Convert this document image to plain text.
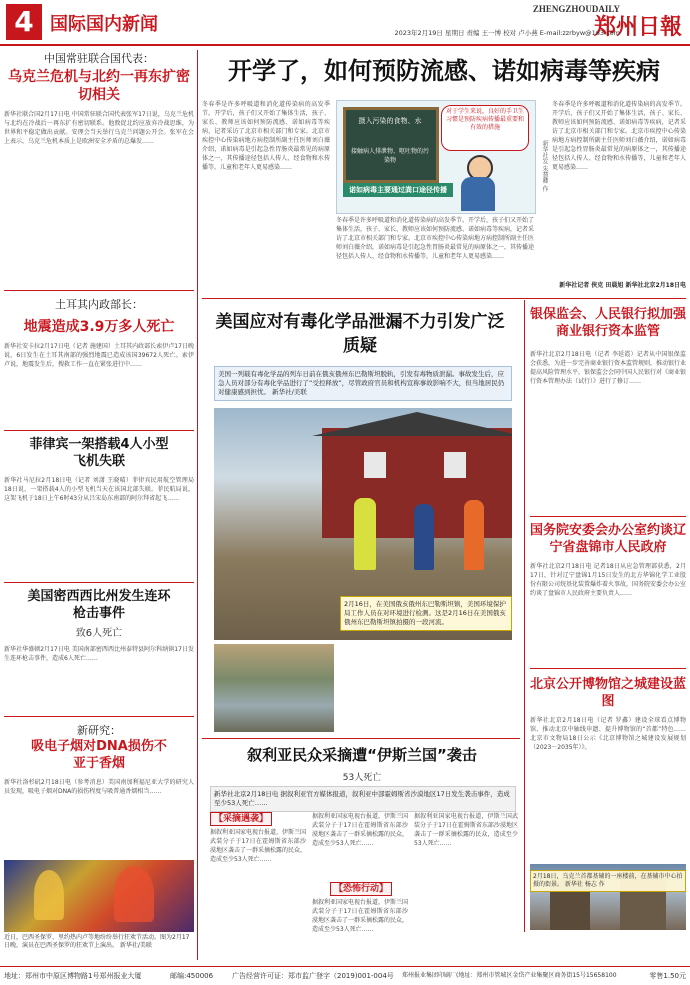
4 国际国内新闻
ZHENGZHOUDAILY
郑州日報
2023年2月19日 星期日 责编 王一博 校对 卢小燕 E-mail:zzrbyw@163.com
中国常驻联合国代表：
乌克兰危机与北约一再东扩密切相关
新华社联合国2月17日电 中国常驻联合国代表张军17日说，乌克兰危机与北约在冷战后一再东扩有密切联系。他敦促北约应放弃冷战思维，为世界和平稳定做出贡献。安理会当天举行乌克兰问题公开会。张军在会上表示，乌克兰危机本质上是欧洲安全矛盾的总爆发……
土耳其内政部长：
地震造成3.9万多人死亡
新华社安卡拉2月17日电（记者 施建国）土耳其内政部长索伊卢17日晚说，6日发生在土耳其南部的强烈地震已造成该国39672人死亡。索伊卢说，地震发生后，搜救工作一直在紧张进行中……
菲律宾一架搭载4人小型飞机失联
新华社马尼拉2月18日电（记者 刘潇 王晓晴）菲律宾民用航空管理局18日说，一架搭载4人的小型飞机当天在该国北部失联。菲民航局说，这架飞机于18日上午6时43分从吕宋岛东南部的阿尔拜省起飞……
美国密西西比州发生连环枪击事件
致6人死亡
新华社华盛顿2月17日电 美国南部密西西比州泰特县阿尔科纳镇17日发生连环枪击事件，造成6人死亡……
新研究：
吸电子烟对DNA损伤不亚于香烟
新华社洛杉矶2月18日电（参考消息）美国南加利福尼亚大学的研究人员发现，吸电子烟对DNA的损伤程度与吸普通香烟相当……
近日，巴西圣保罗、里约热内卢等地纷纷举行狂欢节活动。图为2月17日晚，演员在巴西圣保罗的狂欢节上演出。 新华社/美联
开学了，如何预防流感、诺如病毒等疾病
冬春季是许多呼吸道和消化道传染病的高发季节。开学后，孩子们又开始了集体生活，孩子、家长、教师应该如何预防流感、诺如病毒等疾病，记者采访了北京市相关部门和专家。北京市疾控中心传染病地方病控制所副主任医师刘白薇介绍，诺如病毒是引起急性胃肠炎最常见的病原体之一，其传播途径包括人传人、经食物和水传播等，儿童和老年人更易感染……
摄入污染的食物、水
接触病人排泄物、呕吐物的污染物
对于学生来说，良好的手卫生习惯是预防疾病传播最重要和有效的措施
诺如病毒主要通过粪口途径传播	新华社发 朱慧卿 作
冬春季是许多呼吸道和消化道传染病的高发季节。开学后，孩子们又开始了集体生活，孩子、家长、教师应该如何预防流感、诺如病毒等疾病，记者采访了北京市相关部门和专家。北京市疾控中心传染病地方病控制所副主任医师刘白薇介绍，诺如病毒是引起急性胃肠炎最常见的病原体之一，其传播途径包括人传人、经食物和水传播等，儿童和老年人更易感染……
冬春季是许多呼吸道和消化道传染病的高发季节。开学后，孩子们又开始了集体生活，孩子、家长、教师应该如何预防流感、诺如病毒等疾病，记者采访了北京市相关部门和专家。北京市疾控中心传染病地方病控制所副主任医师刘白薇介绍，诺如病毒是引起急性胃肠炎最常见的病原体之一，其传播途径包括人传人、经食物和水传播等，儿童和老年人更易感染……
新华社记者 侠克 田晨旭 新华社北京2月18日电
美国应对有毒化学品泄漏不力引发广泛质疑
美国一列载有毒化学品的列车日前在俄亥俄州东巴勒斯坦脱轨，引发有毒物质泄漏。事故发生后，应急人员对部分有毒化学品进行了“受控释放”，尽管政府官员和机构宣称事故影响不大，但当地居民仍对健康感到担忧。 新华社/美联
2月16日，在美国俄亥俄州东巴勒斯坦镇，美国环境保护局工作人员在对环境进行检测。这是2月16日在美国俄亥俄州东巴勒斯坦镇拍摄的一段河流。
叙利亚民众采摘遭“伊斯兰国”袭击
53人死亡
新华社北京2月18日电 据叙利亚官方媒体报道，叙利亚中部霍姆斯省沙漠地区17日发生袭击事件，造成至少53人死亡……
【采摘遇袭】
据叙利亚国家电视台报道，伊斯兰国武装分子于17日在霍姆斯省东部沙漠地区袭击了一群采摘松露的民众，造成至少53人死亡……
据叙利亚国家电视台报道，伊斯兰国武装分子于17日在霍姆斯省东部沙漠地区袭击了一群采摘松露的民众，造成至少53人死亡……
【恐怖行动】
据叙利亚国家电视台报道，伊斯兰国武装分子于17日在霍姆斯省东部沙漠地区袭击了一群采摘松露的民众，造成至少53人死亡……
据叙利亚国家电视台报道，伊斯兰国武装分子于17日在霍姆斯省东部沙漠地区袭击了一群采摘松露的民众，造成至少53人死亡……
银保监会、人民银行拟加强商业银行资本监管
新华社北京2月18日电（记者 李延霞）记者从中国银保监会获悉，为进一步完善商业银行资本监管规则，推动银行业提高风险管理水平，银保监会会同中国人民银行对《商业银行资本管理办法（试行）》进行了修订……
国务院安委会办公室约谈辽宁省盘锦市人民政府
新华社北京2月18日电 记者18日从应急管理部获悉，2月17日，针对辽宁盘锦1月15日发生的北方华锦化学工业股份有限公司烷基化装置爆炸着火事故，国务院安委会办公室约谈了盘锦市人民政府主要负责人……
北京公开博物馆之城建设蓝图
新华社北京2月18日电（记者 罗鑫）建设全球看点博物馆、推动北京中轴线申遗、提升博物馆的“首都”特色……北京市文物局18日公示《北京博物馆之城建设发展规划（2023－2035年）》。
2月18日，乌克兰首都基辅的一座楼前，在基辅市中心拍摄的街景。 新华社 杨志 作
地址：郑州市中原区博物路1号郑州报业大厦	邮编:450006	广告经营许可证：郑市监广登字（2019)001-004号 郑州报业集团印刷厂(地址：郑州市管城区金岱产业集聚区商务街15号15658100	零售1.50元
